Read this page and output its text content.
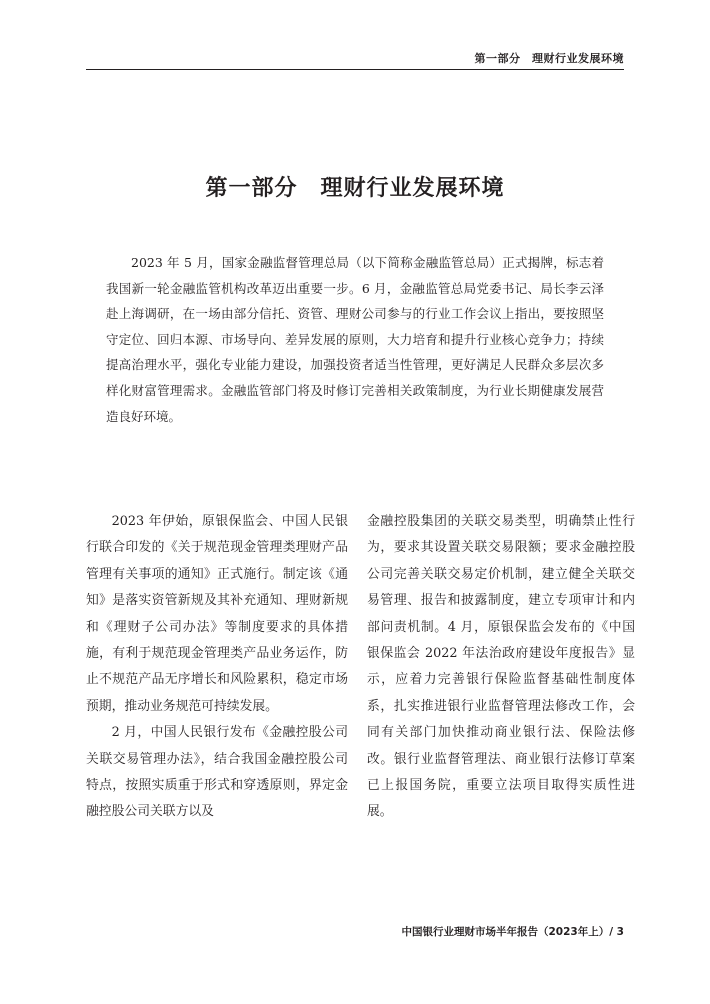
第一部分　理财行业发展环境
第一部分　理财行业发展环境

2023 年 5 月，国家金融监督管理总局（以下简称金融监管总局）正式揭牌，标志着我国新一轮金融监管机构改革迈出重要一步。6 月，金融监管总局党委书记、局长李云泽赴上海调研，在一场由部分信托、资管、理财公司参与的行业工作会议上指出，要按照坚守定位、回归本源、市场导向、差异发展的原则，大力培育和提升行业核心竞争力；持续提高治理水平，强化专业能力建设，加强投资者适当性管理，更好满足人民群众多层次多样化财富管理需求。金融监管部门将及时修订完善相关政策制度，为行业长期健康发展营造良好环境。

2023 年伊始，原银保监会、中国人民银行联合印发的《关于规范现金管理类理财产品管理有关事项的通知》正式施行。制定该《通知》是落实资管新规及其补充通知、理财新规和《理财子公司办法》等制度要求的具体措施，有利于规范现金管理类产品业务运作，防止不规范产品无序增长和风险累积，稳定市场预期，推动业务规范可持续发展。

2 月，中国人民银行发布《金融控股公司关联交易管理办法》，结合我国金融控股公司特点，按照实质重于形式和穿透原则，界定金融控股公司关联方以及

金融控股集团的关联交易类型，明确禁止性行为，要求其设置关联交易限额；要求金融控股公司完善关联交易定价机制，建立健全关联交易管理、报告和披露制度，建立专项审计和内部问责机制。4 月，原银保监会发布的《中国银保监会 2022 年法治政府建设年度报告》显示，应着力完善银行保险监督基础性制度体系，扎实推进银行业监督管理法修改工作，会同有关部门加快推动商业银行法、保险法修改。银行业监督管理法、商业银行法修订草案已上报国务院，重要立法项目取得实质性进展。

中国银行业理财市场半年报告（2023年上）/ 3
